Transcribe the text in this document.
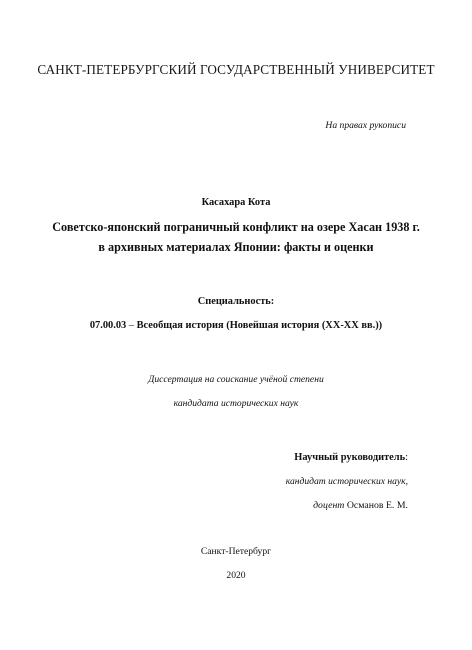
САНКТ-ПЕТЕРБУРГСКИЙ ГОСУДАРСТВЕННЫЙ УНИВЕРСИТЕТ
На правах рукописи
Касахара Кота
Советско-японский пограничный конфликт на озере Хасан 1938 г.
в архивных материалах Японии: факты и оценки
Специальность:
07.00.03 – Всеобщая история (Новейшая история (XX-XX вв.))
Диссертация на соискание учёной степени
кандидата исторических наук
Научный руководитель:
кандидат исторических наук,
доцент Османов Е. М.
Санкт-Петербург
2020
